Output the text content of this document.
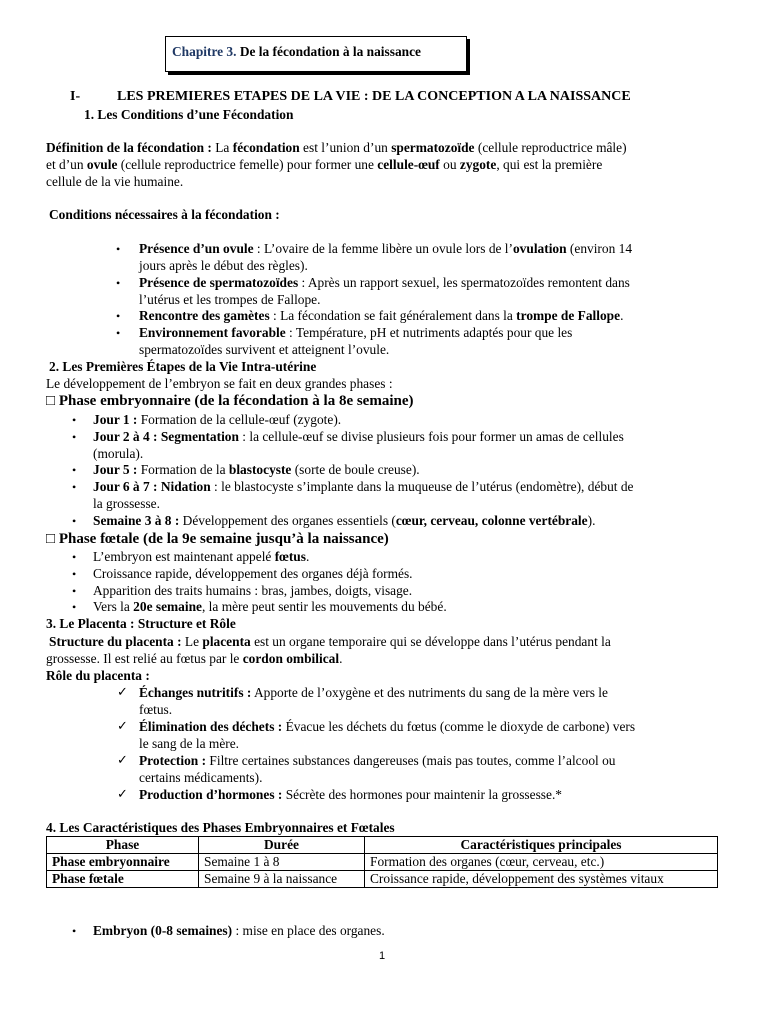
Chapitre 3. De la fécondation à la naissance
I-	LES PREMIERES ETAPES DE LA VIE : DE LA CONCEPTION A LA NAISSANCE
1. Les Conditions d’une Fécondation
Définition de la fécondation : La fécondation est l’union d’un spermatozoïde (cellule reproductrice mâle)
et d’un ovule (cellule reproductrice femelle) pour former une cellule-œuf ou zygote, qui est la première
cellule de la vie humaine.
Conditions nécessaires à la fécondation :
• Présence d’un ovule : L’ovaire de la femme libère un ovule lors de l’ovulation (environ 14
jours après le début des règles).
• Présence de spermatozoïdes : Après un rapport sexuel, les spermatozoïdes remontent dans
l’utérus et les trompes de Fallope.
• Rencontre des gamètes : La fécondation se fait généralement dans la trompe de Fallope.
• Environnement favorable : Température, pH et nutriments adaptés pour que les
spermatozoïdes survivent et atteignent l’ovule.
2. Les Premières Étapes de la Vie Intra-utérine
Le développement de l’embryon se fait en deux grandes phases :
□ Phase embryonnaire (de la fécondation à la 8e semaine)
• Jour 1 : Formation de la cellule-œuf (zygote).
• Jour 2 à 4 : Segmentation : la cellule-œuf se divise plusieurs fois pour former un amas de cellules
(morula).
• Jour 5 : Formation de la blastocyste (sorte de boule creuse).
• Jour 6 à 7 : Nidation : le blastocyste s’implante dans la muqueuse de l’utérus (endomètre), début de
la grossesse.
• Semaine 3 à 8 : Développement des organes essentiels (cœur, cerveau, colonne vertébrale).
□ Phase fœtale (de la 9e semaine jusqu’à la naissance)
• L’embryon est maintenant appelé fœtus.
• Croissance rapide, développement des organes déjà formés.
• Apparition des traits humains : bras, jambes, doigts, visage.
• Vers la 20e semaine, la mère peut sentir les mouvements du bébé.
3. Le Placenta : Structure et Rôle
Structure du placenta : Le placenta est un organe temporaire qui se développe dans l’utérus pendant la
grossesse. Il est relié au fœtus par le cordon ombilical.
Rôle du placenta :
✓ Échanges nutritifs : Apporte de l’oxygène et des nutriments du sang de la mère vers le
fœtus.
✓ Élimination des déchets : Évacue les déchets du fœtus (comme le dioxyde de carbone) vers
le sang de la mère.
✓ Protection : Filtre certaines substances dangereuses (mais pas toutes, comme l’alcool ou
certains médicaments).
✓ Production d’hormones : Sécrète des hormones pour maintenir la grossesse.*
4. Les Caractéristiques des Phases Embryonnaires et Fœtales
Phase	Durée	Caractéristiques principales
Phase embryonnaire	Semaine 1 à 8	Formation des organes (cœur, cerveau, etc.)
Phase fœtale	Semaine 9 à la naissance	Croissance rapide, développement des systèmes vitaux
• Embryon (0-8 semaines) : mise en place des organes.
1
